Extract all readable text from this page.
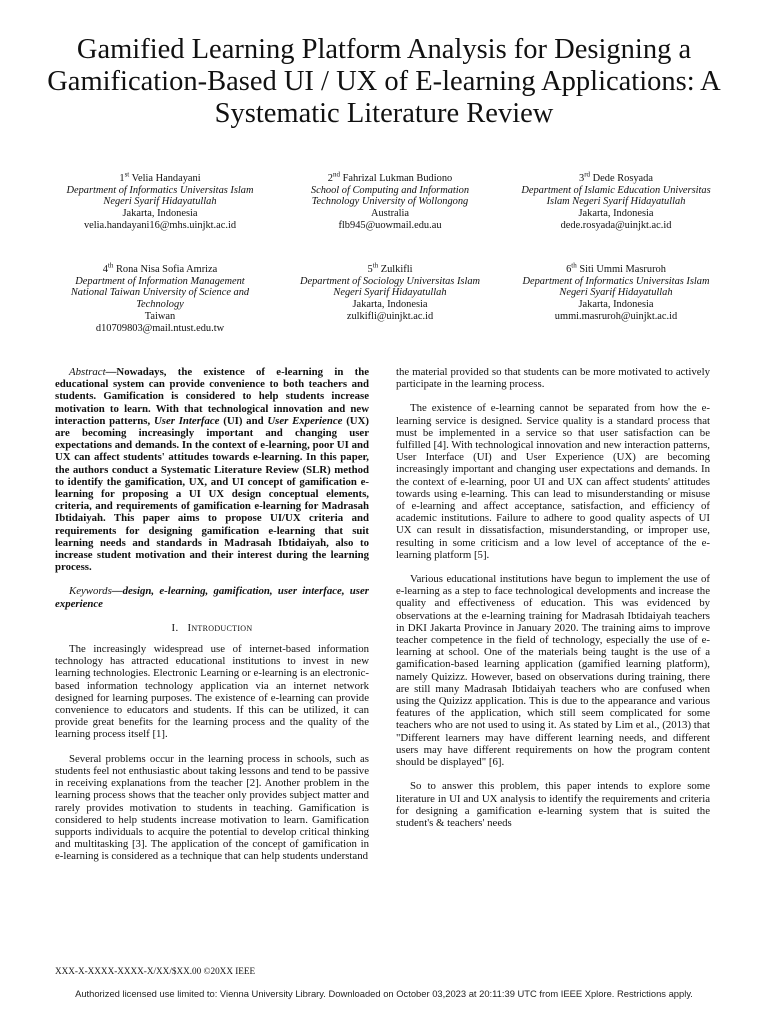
Gamified Learning Platform Analysis for Designing a Gamification-Based UI / UX of E-learning Applications: A Systematic Literature Review
1st Velia Handayani
Department of Informatics Universitas Islam Negeri Syarif Hidayatullah
Jakarta, Indonesia
velia.handayani16@mhs.uinjkt.ac.id
2nd Fahrizal Lukman Budiono
School of Computing and Information Technology University of Wollongong
Australia
flb945@uowmail.edu.au
3rd Dede Rosyada
Department of Islamic Education Universitas Islam Negeri Syarif Hidayatullah
Jakarta, Indonesia
dede.rosyada@uinjkt.ac.id
4th Rona Nisa Sofia Amriza
Department of Information Management National Taiwan University of Science and Technology
Taiwan
d10709803@mail.ntust.edu.tw
5th Zulkifli
Department of Sociology Universitas Islam Negeri Syarif Hidayatullah
Jakarta, Indonesia
zulkifli@uinjkt.ac.id
6th Siti Ummi Masruroh
Department of Informatics Universitas Islam Negeri Syarif Hidayatullah
Jakarta, Indonesia
ummi.masruroh@uinjkt.ac.id

Abstract—Nowadays, the existence of e-learning in the educational system can provide convenience to both teachers and students. Gamification is considered to help students increase motivation to learn. With that technological innovation and new interaction patterns, User Interface (UI) and User Experience (UX) are becoming increasingly important and changing user expectations and demands. In the context of e-learning, poor UI and UX can affect students' attitudes towards e-learning. In this paper, the authors conduct a Systematic Literature Review (SLR) method to identify the gamification, UX, and UI concept of gamification e-learning for proposing a UI UX design conceptual elements, criteria, and requirements of gamification e-learning for Madrasah Ibtidaiyah. This paper aims to propose UI/UX criteria and requirements for designing gamification e-learning that suit learning needs and standards in Madrasah Ibtidaiyah, also to increase student motivation and their interest during the learning process.

Keywords—design, e-learning, gamification, user interface, user experience

I. Introduction

The increasingly widespread use of internet-based information technology has attracted educational institutions to invest in new learning technologies. Electronic Learning or e-learning is an electronic-based information technology application via an internet network designed for learning purposes. The existence of e-learning can provide convenience to educators and students. If this can be utilized, it can provide great benefits for the learning process and the quality of the learning process itself [1].

Several problems occur in the learning process in schools, such as students feel not enthusiastic about taking lessons and tend to be passive in receiving explanations from the teacher [2]. Another problem in the learning process shows that the teacher only provides subject matter and rarely provides motivation to students in teaching. Gamification is considered to help students increase motivation to learn. Gamification supports individuals to acquire the potential to develop critical thinking and multitasking [3]. The application of the concept of gamification in e-learning is considered as a technique that can help students understand

the material provided so that students can be more motivated to actively participate in the learning process.

The existence of e-learning cannot be separated from how the e-learning service is designed. Service quality is a standard process that must be implemented in a service so that user satisfaction can be fulfilled [4]. With technological innovation and new interaction patterns, User Interface (UI) and User Experience (UX) are becoming increasingly important and changing user expectations and demands. In the context of e-learning, poor UI and UX can affect students' attitudes towards using e-learning. This can lead to misunderstanding or misuse of e-learning and affect acceptance, satisfaction, and efficiency of academic institutions. Failure to adhere to good quality aspects of UI UX can result in dissatisfaction, misunderstanding, or improper use, resulting in some criticism and a low level of acceptance of the e-learning platform [5].

Various educational institutions have begun to implement the use of e-learning as a step to face technological developments and increase the quality and effectiveness of education. This was evidenced by observations at the e-learning training for Madrasah Ibtidaiyah teachers in DKI Jakarta Province in January 2020. The training aims to improve teacher competence in the field of technology, especially the use of e-learning at school. One of the materials being taught is the use of a gamification-based learning application (gamified learning platform), namely Quizizz. However, based on observations during training, there are still many Madrasah Ibtidaiyah teachers who are confused when using the Quizizz application. This is due to the appearance and various features of the application, which still seem complicated for some teachers who are not used to using it. As stated by Lim et al., (2013) that "Different learners may have different learning needs, and different users may have different requirements on how the program content should be displayed" [6].

So to answer this problem, this paper intends to explore some literature in UI and UX analysis to identify the requirements and criteria for designing a gamification e-learning system that is suited the student's & teachers' needs

XXX-X-XXXX-XXXX-X/XX/$XX.00 ©20XX IEEE
Authorized licensed use limited to: Vienna University Library. Downloaded on October 03,2023 at 20:11:39 UTC from IEEE Xplore. Restrictions apply.
